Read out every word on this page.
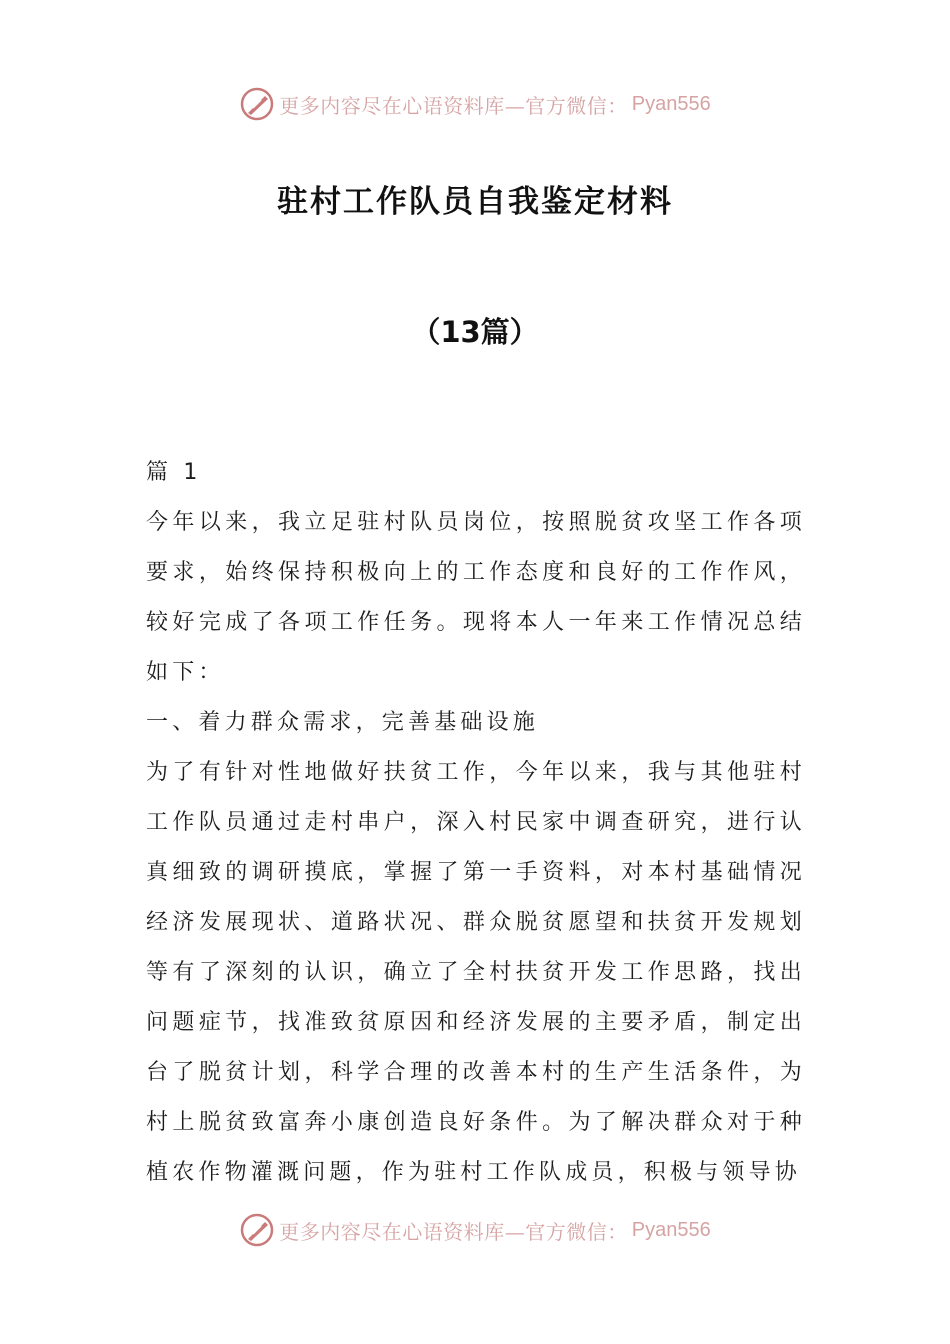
更多内容尽在心语资料库—官方微信： Pyan556
驻村工作队员自我鉴定材料
（13篇）

篇 1

今年以来，我立足驻村队员岗位，按照脱贫攻坚工作各项要求，始终保持积极向上的工作态度和良好的工作作风，较好完成了各项工作任务。现将本人一年来工作情况总结如下：

一、着力群众需求，完善基础设施

为了有针对性地做好扶贫工作，今年以来，我与其他驻村工作队员通过走村串户，深入村民家中调查研究，进行认真细致的调研摸底，掌握了第一手资料，对本村基础情况经济发展现状、道路状况、群众脱贫愿望和扶贫开发规划等有了深刻的认识，确立了全村扶贫开发工作思路，找出问题症节，找准致贫原因和经济发展的主要矛盾，制定出台了脱贫计划，科学合理的改善本村的生产生活条件，为村上脱贫致富奔小康创造良好条件。为了解决群众对于种植农作物灌溉问题，作为驻村工作队成员，积极与领导协

更多内容尽在心语资料库—官方微信： Pyan556
